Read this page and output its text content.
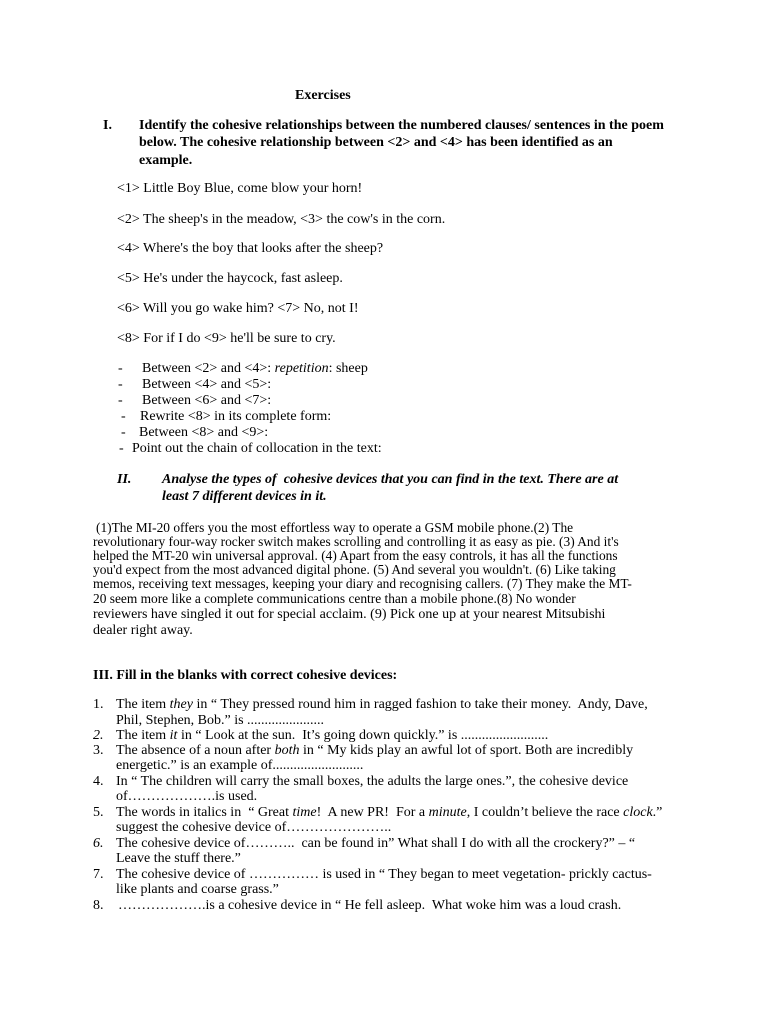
Exercises
I. Identify the cohesive relationships between the numbered clauses/ sentences in the poem
below. The cohesive relationship between <2> and <4> has been identified as an
example.
<1> Little Boy Blue, come blow your horn!
<2> The sheep's in the meadow, <3> the cow's in the corn.
<4> Where's the boy that looks after the sheep?
<5> He's under the haycock, fast asleep.
<6> Will you go wake him? <7> No, not I!
<8> For if I do <9> he'll be sure to cry.
- Between <2> and <4>: repetition: sheep
- Between <4> and <5>:
- Between <6> and <7>:
- Rewrite <8> in its complete form:
- Between <8> and <9>:
- Point out the chain of collocation in the text:
II. Analyse the types of  cohesive devices that you can find in the text. There are at
least 7 different devices in it.
(1)The MI-20 offers you the most effortless way to operate a GSM mobile phone.(2) The
revolutionary four-way rocker switch makes scrolling and controlling it as easy as pie. (3) And it's
helped the MT-20 win universal approval. (4) Apart from the easy controls, it has all the functions
you'd expect from the most advanced digital phone. (5) And several you wouldn't. (6) Like taking
memos, receiving text messages, keeping your diary and recognising callers. (7) They make the MT-
20 seem more like a complete communications centre than a mobile phone.(8) No wonder
reviewers have singled it out for special acclaim. (9) Pick one up at your nearest Mitsubishi
dealer right away.
III. Fill in the blanks with correct cohesive devices:
1. The item they in “ They pressed round him in ragged fashion to take their money.  Andy, Dave,
Phil, Stephen, Bob.” is ......................
2. The item it in “ Look at the sun.  It’s going down quickly.” is .........................
3. The absence of a noun after both in “ My kids play an awful lot of sport. Both are incredibly
energetic.” is an example of..........................
4. In “ The children will carry the small boxes, the adults the large ones.”, the cohesive device
of……………….is used.
5. The words in italics in  “ Great time!  A new PR!  For a minute, I couldn’t believe the race clock.”
suggest the cohesive device of…………………..
6. The cohesive device of………..  can be found in” What shall I do with all the crockery?” – “
Leave the stuff there.”
7. The cohesive device of …………… is used in “ They began to meet vegetation- prickly cactus-
like plants and coarse grass.”
8. ……………….is a cohesive device in “ He fell asleep.  What woke him was a loud crash.
